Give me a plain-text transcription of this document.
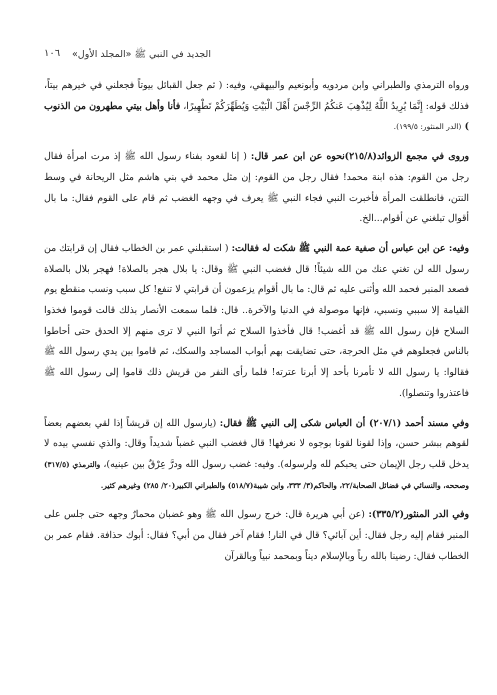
١٠٦ الجديد في النبي ﷺ «المجلد الأول»

ورواه الترمذي والطبراني وابن مردويه وأبونعيم والبيهقي، وفيه: ( ثم جعل القبائل بيوتاً فجعلني في خيرهم بيتاً، فذلك قوله: إِنَّمَا يُرِيدُ اللَّهُ لِيُذْهِبَ عَنكُمُ الرِّجْسَ أَهْلَ الْبَيْتِ وَيُطَهِّرَكُمْ تَطْهِيرًا، فأنا وأهل بيتي مطهرون من الذنوب ) (الدر المنثور: ١٩٩/٥).

وروى في مجمع الزوائد(٢١٥/٨)نحوه عن ابن عمر قال: ( إنا لقعود بفناء رسول الله ﷺ إذ مرت امرأة فقال رجل من القوم: هذه ابنة محمد! فقال رجل من القوم: إن مثل محمد في بني هاشم مثل الريحانة في وسط النتن، فانطلقت المرأة فأخبرت النبي فجاء النبي ﷺ يعرف في وجهه الغضب ثم قام على القوم فقال: ما بال أقوال تبلغني عن أقوام...الخ.

وفيه: عن ابن عباس أن صفية عمة النبي ﷺ شكت له فقالت: ( استقبلني عمر بن الخطاب فقال إن قرابتك من رسول الله لن تغني عنك من الله شيئاً! قال فغضب النبي ﷺ وقال: يا بلال هجر بالصلاة! فهجر بلال بالصلاة فصعد المنبر فحمد الله وأثنى عليه ثم قال: ما بال أقوام يزعمون أن قرابتي لا تنفع! كل سبب ونسب منقطع يوم القيامة إلا سببي ونسبي، فإنها موصولة في الدنيا والآخرة.. قال: فلما سمعت الأنصار بذلك قالت قوموا فخذوا السلاح فإن رسول الله ﷺ قد أغضب! قال فأخذوا السلاح ثم أتوا النبي لا ترى منهم إلا الحدق حتى أحاطوا بالناس فجعلوهم في مثل الحرجة، حتى تضايقت بهم أبواب المساجد والسكك، ثم قاموا بين يدي رسول الله ﷺ فقالوا: يا رسول الله لا تأمرنا بأحد إلا أبرنا عترته! فلما رأى النفر من قريش ذلك قاموا إلى رسول الله ﷺ فاعتذروا وتنصلوا).

وفي مسند أحمد (٢٠٧/١) أن العباس شكى إلى النبي ﷺ فقال: (يارسول الله إن قريشاً إذا لقي بعضهم بعضاً لقوهم ببشر حسن، وإذا لقونا لقونا بوجوه لا نعرفها! قال فغضب النبي غضباً شديداً وقال: والذي نفسي بيده لا يدخل قلب رجل الإيمان حتى يحبكم لله ولرسوله). وفيه: غضب رسول الله ودرَّ عِرْقٌ بين عينيه)، والترمذي (٣١٧/٥) وصححه، والنسائي في فضائل الصحابة/٢٢، والحاكم(٣/ ٣٣٣، وابن شيبة(٥١٨/٧) والطبراني الكبير(٢٠/ ٢٨٥) وغيرهم كثير.

وفي الدر المنثور(٣٣٥/٢): (عن أبي هريرة قال: خرج رسول الله ﷺ وهو غضبان محمارٌ وجهه حتى جلس على المنبر فقام إليه رجل فقال: أين آبائي؟ قال في النار! فقام آخر فقال من أبي؟ فقال: أبوك حذافة. فقام عمر بن الخطاب فقال: رضينا بالله رباً وبالإسلام ديناً وبمحمد نبياً وبالقرآن
